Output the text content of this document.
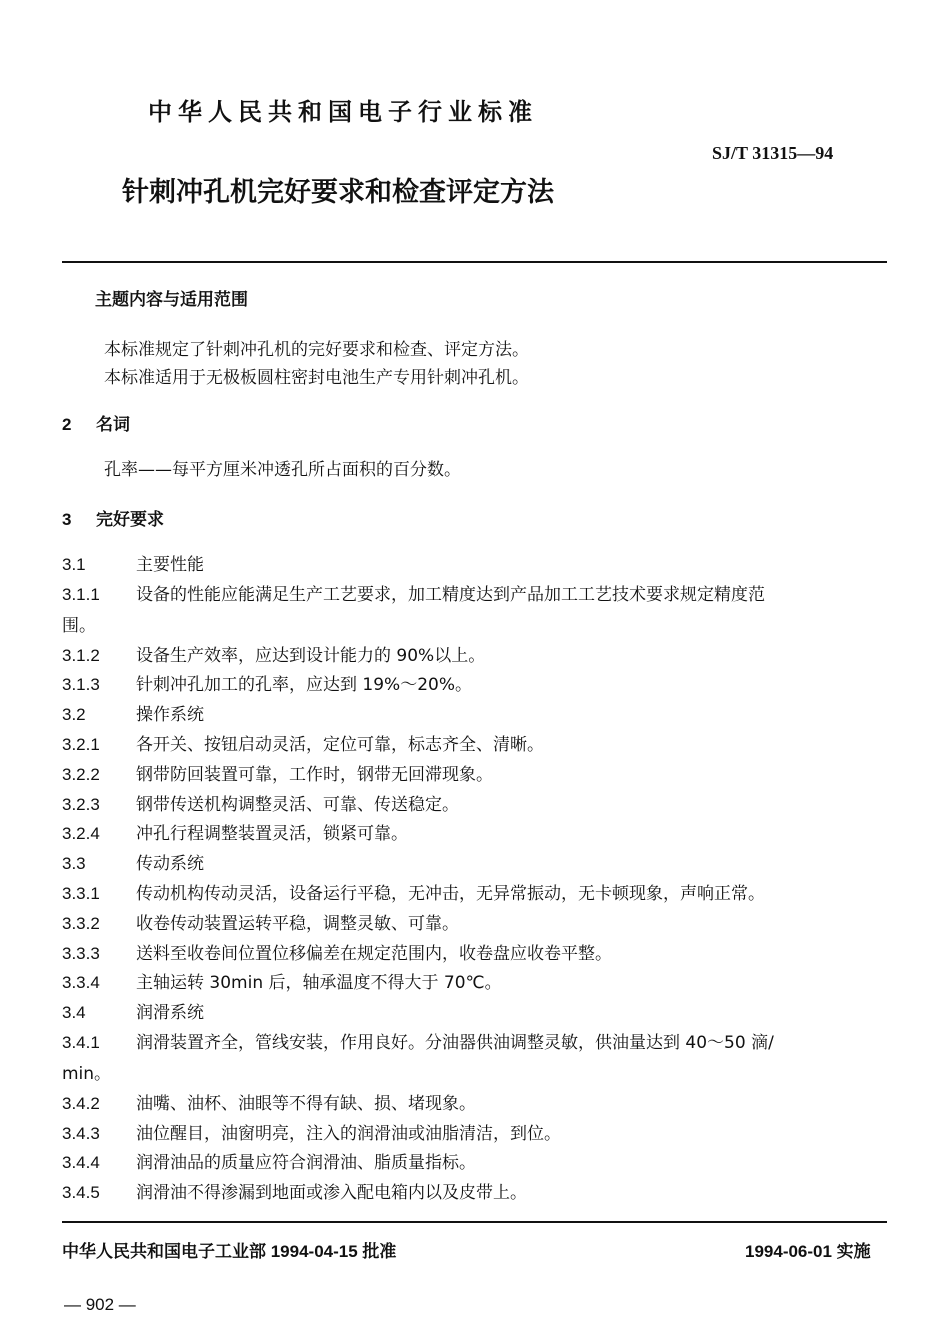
中华人民共和国电子行业标准
SJ/T 31315—94
针刺冲孔机完好要求和检查评定方法
主题内容与适用范围
本标准规定了针刺冲孔机的完好要求和检查、评定方法。
本标准适用于无极板圆柱密封电池生产专用针刺冲孔机。
2 名词
孔率——每平方厘米冲透孔所占面积的百分数。
3 完好要求
3.1	主要性能
3.1.1 设备的性能应能满足生产工艺要求，加工精度达到产品加工工艺技术要求规定精度范
围。
3.1.2 设备生产效率，应达到设计能力的 90%以上。
3.1.3 针刺冲孔加工的孔率，应达到 19%～20%。
3.2	操作系统
3.2.1 各开关、按钮启动灵活，定位可靠，标志齐全、清晰。
3.2.2 钢带防回装置可靠，工作时，钢带无回滞现象。
3.2.3 钢带传送机构调整灵活、可靠、传送稳定。
3.2.4 冲孔行程调整装置灵活，锁紧可靠。
3.3	传动系统
3.3.1 传动机构传动灵活，设备运行平稳，无冲击，无异常振动，无卡顿现象，声响正常。
3.3.2 收卷传动装置运转平稳，调整灵敏、可靠。
3.3.3 送料至收卷间位置位移偏差在规定范围内，收卷盘应收卷平整。
3.3.4 主轴运转 30min 后，轴承温度不得大于 70℃。
3.4	润滑系统
3.4.1 润滑装置齐全，管线安装，作用良好。分油器供油调整灵敏，供油量达到 40～50 滴/
min。
3.4.2 油嘴、油杯、油眼等不得有缺、损、堵现象。
3.4.3 油位醒目，油窗明亮，注入的润滑油或油脂清洁，到位。
3.4.4 润滑油品的质量应符合润滑油、脂质量指标。
3.4.5 润滑油不得渗漏到地面或渗入配电箱内以及皮带上。
中华人民共和国电子工业部 1994-04-15 批准	1994-06-01 实施
— 902 —
